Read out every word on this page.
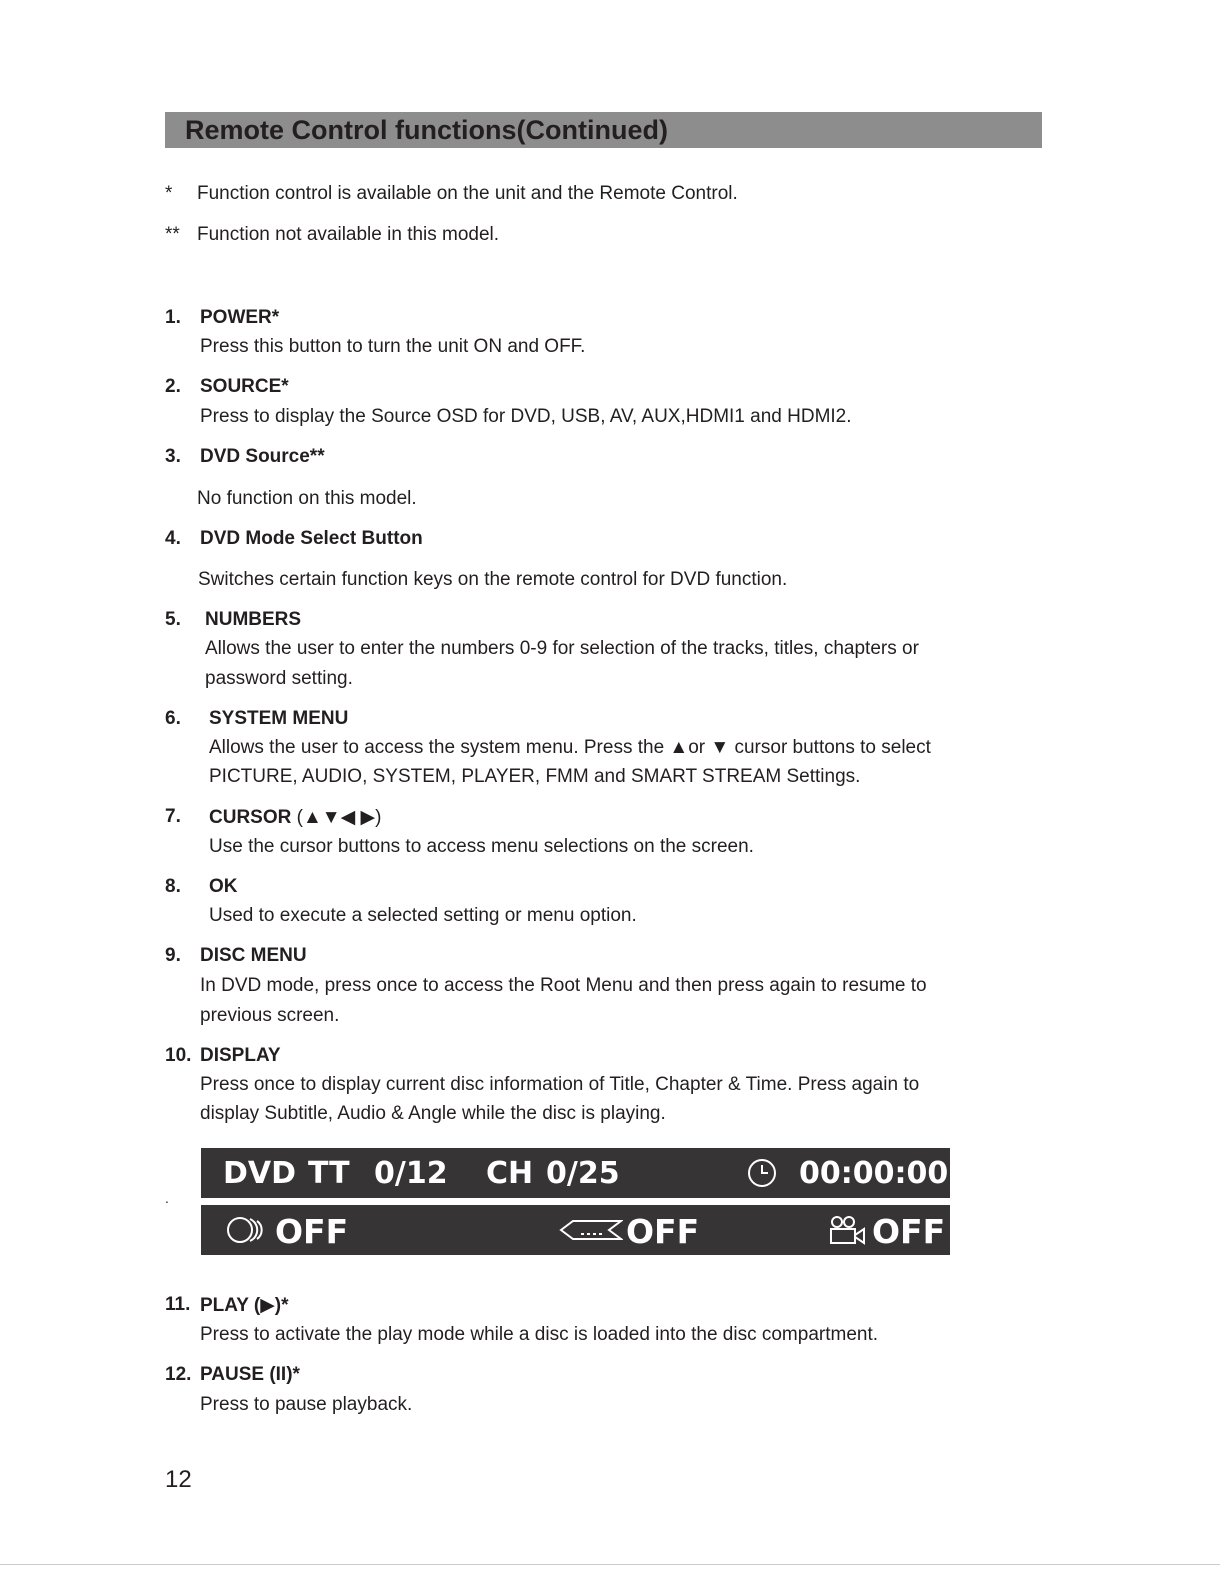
Remote Control functions(Continued)
* Function control is available on the unit and the Remote Control.
** Function not available in this model.
1. POWER*
Press this button to turn the unit ON and OFF.
2. SOURCE*
Press to display the Source OSD for DVD, USB, AV, AUX,HDMI1 and HDMI2.
3. DVD Source**
No function on this model.
4. DVD Mode Select Button
Switches certain function keys on the remote control for DVD function.
5. NUMBERS
Allows the user to enter the numbers 0-9 for selection of the tracks, titles, chapters or
password setting.
6. SYSTEM MENU
Allows the user to access the system menu. Press the ▲or ▼ cursor buttons to select
PICTURE, AUDIO, SYSTEM, PLAYER, FMM and SMART STREAM Settings.
7. CURSOR (▲▼◀ ▶)
Use the cursor buttons to access menu selections on the screen.
8. OK
Used to execute a selected setting or menu option.
9. DISC MENU
In DVD mode, press once to access the Root Menu and then press again to resume to
previous screen.
10. DISPLAY
Press once to display current disc information of Title, Chapter & Time. Press again to
display Subtitle, Audio & Angle while the disc is playing.
.
DVD TT 0/12 CH 0/25	00:00:00
OFF	OFF	OFF
11. PLAY (▶)*
Press to activate the play mode while a disc is loaded into the disc compartment.
12. PAUSE (II)*
Press to pause playback.
12
